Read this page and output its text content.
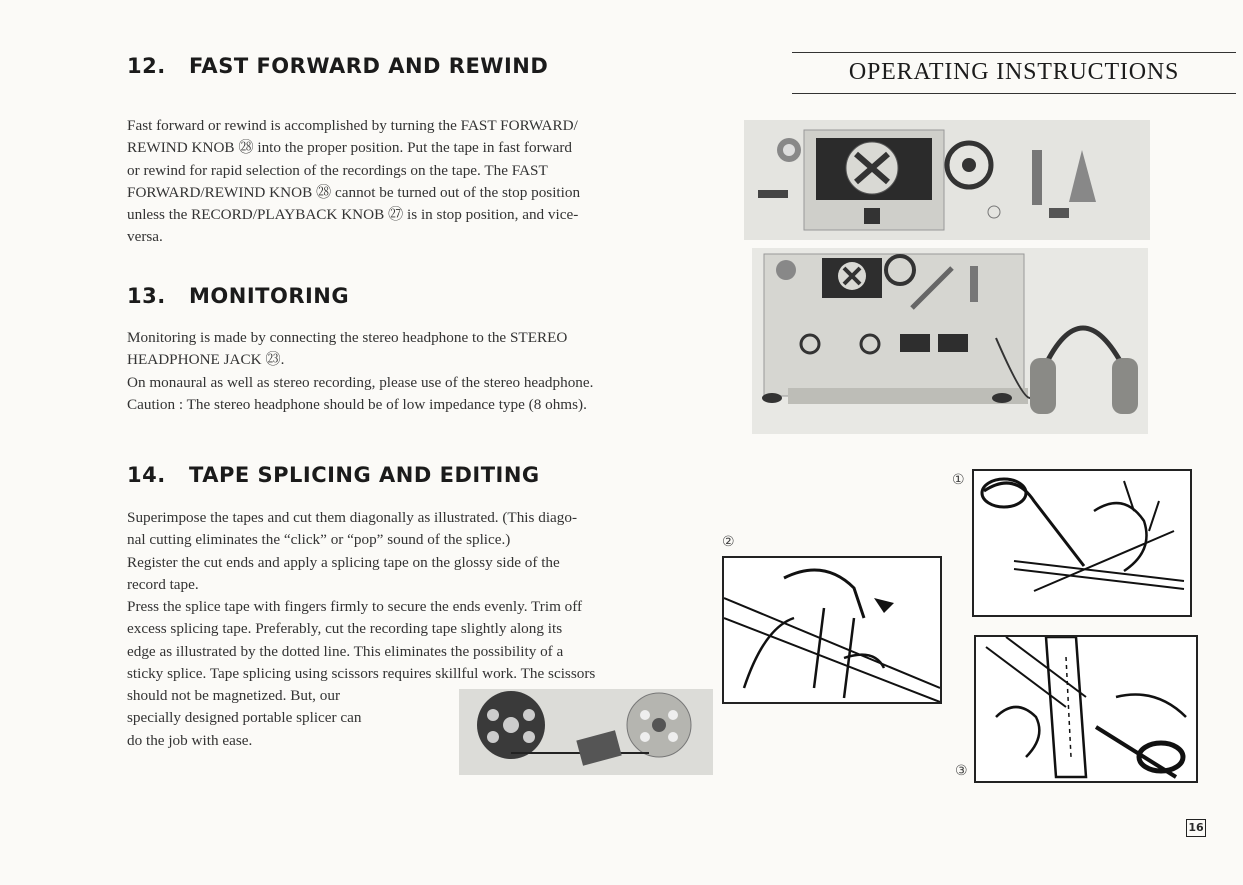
OPERATING INSTRUCTIONS
12. FAST FORWARD AND REWIND
Fast forward or rewind is accomplished by turning the FAST FORWARD/
REWIND KNOB ㉘ into the proper position. Put the tape in fast forward
or rewind for rapid selection of the recordings on the tape. The FAST
FORWARD/REWIND KNOB ㉘ cannot be turned out of the stop position
unless the RECORD/PLAYBACK KNOB ㉗ is in stop position, and vice-
versa.
13. MONITORING
Monitoring is made by connecting the stereo headphone to the STEREO
HEADPHONE JACK ㉓.
On monaural as well as stereo recording, please use of the stereo headphone.
Caution : The stereo headphone should be of low impedance type (8 ohms).
14. TAPE SPLICING AND EDITING
Superimpose the tapes and cut them diagonally as illustrated. (This diago-
nal cutting eliminates the “click” or “pop” sound of the splice.)
Register the cut ends and apply a splicing tape on the glossy side of the
record tape.
Press the splice tape with fingers firmly to secure the ends evenly. Trim off
excess splicing tape. Preferably, cut the recording tape slightly along its
edge as illustrated by the dotted line. This eliminates the possibility of a
sticky splice. Tape splicing using scissors requires skillful work. The scissors
should not be magnetized. But, our
specially designed portable splicer can
do the job with ease.
①
②
③
16
